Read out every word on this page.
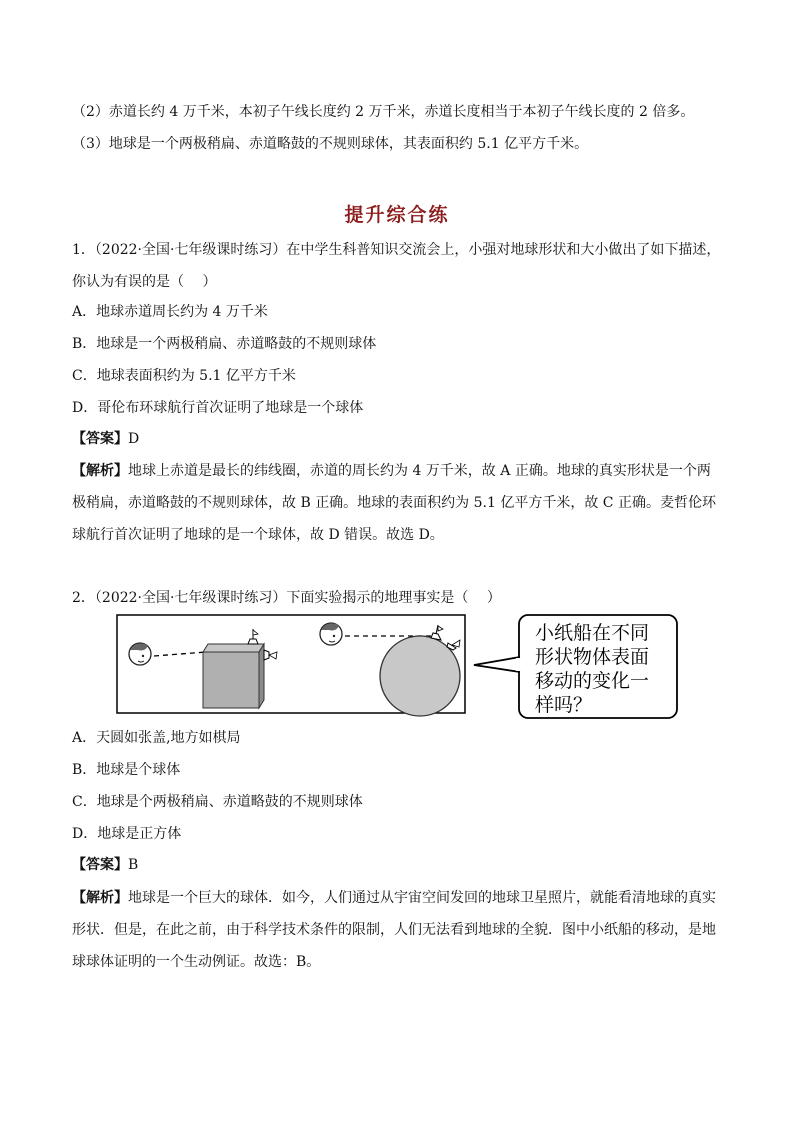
（2）赤道长约 4 万千米，本初子午线长度约 2 万千米，赤道长度相当于本初子午线长度的 2 倍多。
（3）地球是一个两极稍扁、赤道略鼓的不规则球体，其表面积约 5.1 亿平方千米。
提升综合练
1．（2022·全国·七年级课时练习）在中学生科普知识交流会上，小强对地球形状和大小做出了如下描述，你认为有误的是（　 ）
A．地球赤道周长约为 4 万千米
B．地球是一个两极稍扁、赤道略鼓的不规则球体
C．地球表面积约为 5.1 亿平方千米
D．哥伦布环球航行首次证明了地球是一个球体
【答案】D
【解析】地球上赤道是最长的纬线圈，赤道的周长约为 4 万千米，故 A 正确。地球的真实形状是一个两极稍扁，赤道略鼓的不规则球体，故 B 正确。地球的表面积约为 5.1 亿平方千米，故 C 正确。麦哲伦环球航行首次证明了地球的是一个球体，故 D 错误。故选 D。
2．（2022·全国·七年级课时练习）下面实验揭示的地理事实是（　 ）
小纸船在不同
形状物体表面
移动的变化一
样吗？
A．天圆如张盖,地方如棋局
B．地球是个球体
C．地球是个两极稍扁、赤道略鼓的不规则球体
D．地球是正方体
【答案】B
【解析】地球是一个巨大的球体．如今，人们通过从宇宙空间发回的地球卫星照片，就能看清地球的真实形状．但是，在此之前，由于科学技术条件的限制，人们无法看到地球的全貌．图中小纸船的移动，是地球球体证明的一个生动例证。故选：B。
